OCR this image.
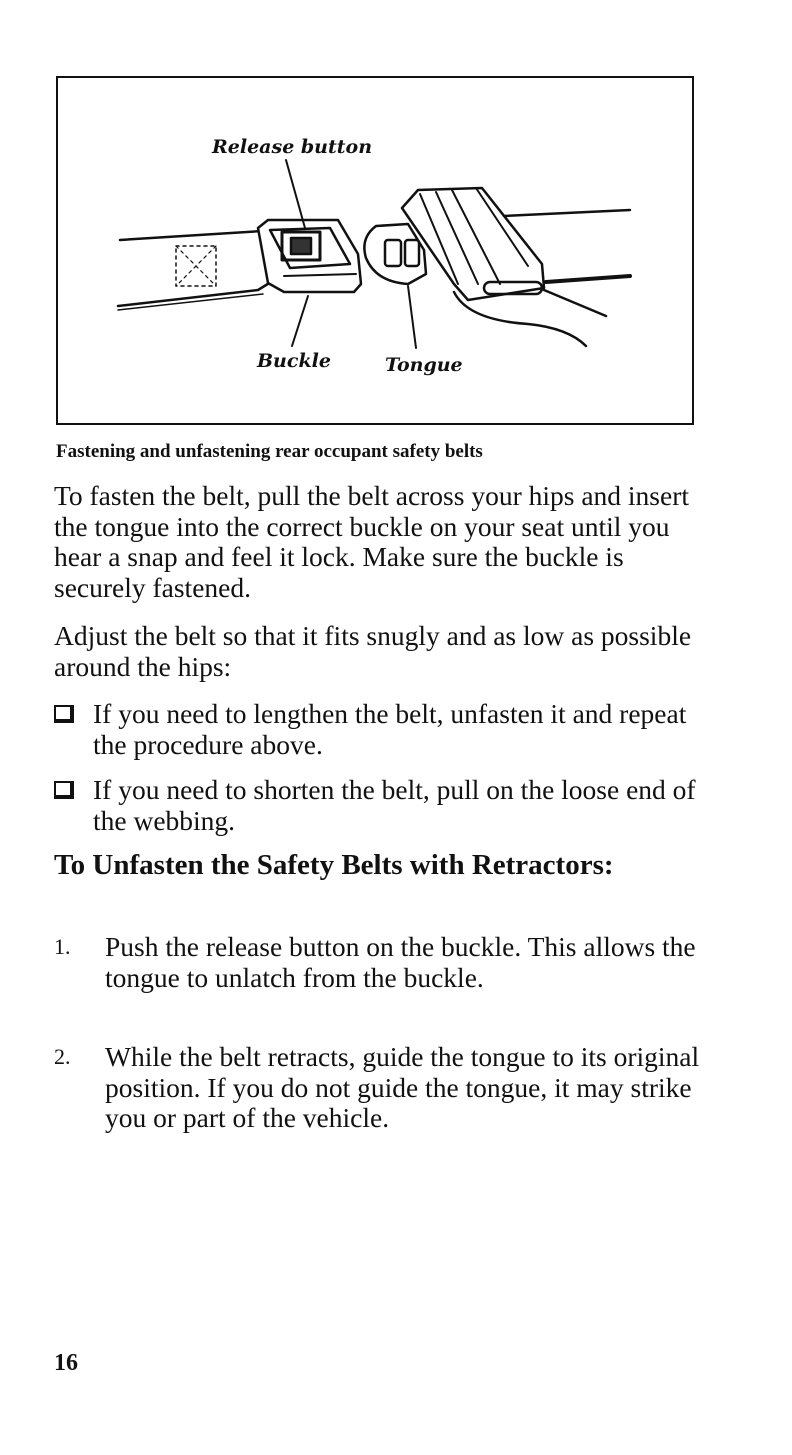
Release button
Buckle	Tongue
Fastening and unfastening rear occupant safety belts

To fasten the belt, pull the belt across your hips and insert the tongue into the correct buckle on your seat until you hear a snap and feel it lock. Make sure the buckle is securely fastened.

Adjust the belt so that it fits snugly and as low as possible around the hips:

If you need to lengthen the belt, unfasten it and repeat the procedure above.
If you need to shorten the belt, pull on the loose end of the webbing.
To Unfasten the Safety Belts with Retractors:
1. Push the release button on the buckle. This allows the tongue to unlatch from the buckle.
2. While the belt retracts, guide the tongue to its original position. If you do not guide the tongue, it may strike you or part of the vehicle.
16
